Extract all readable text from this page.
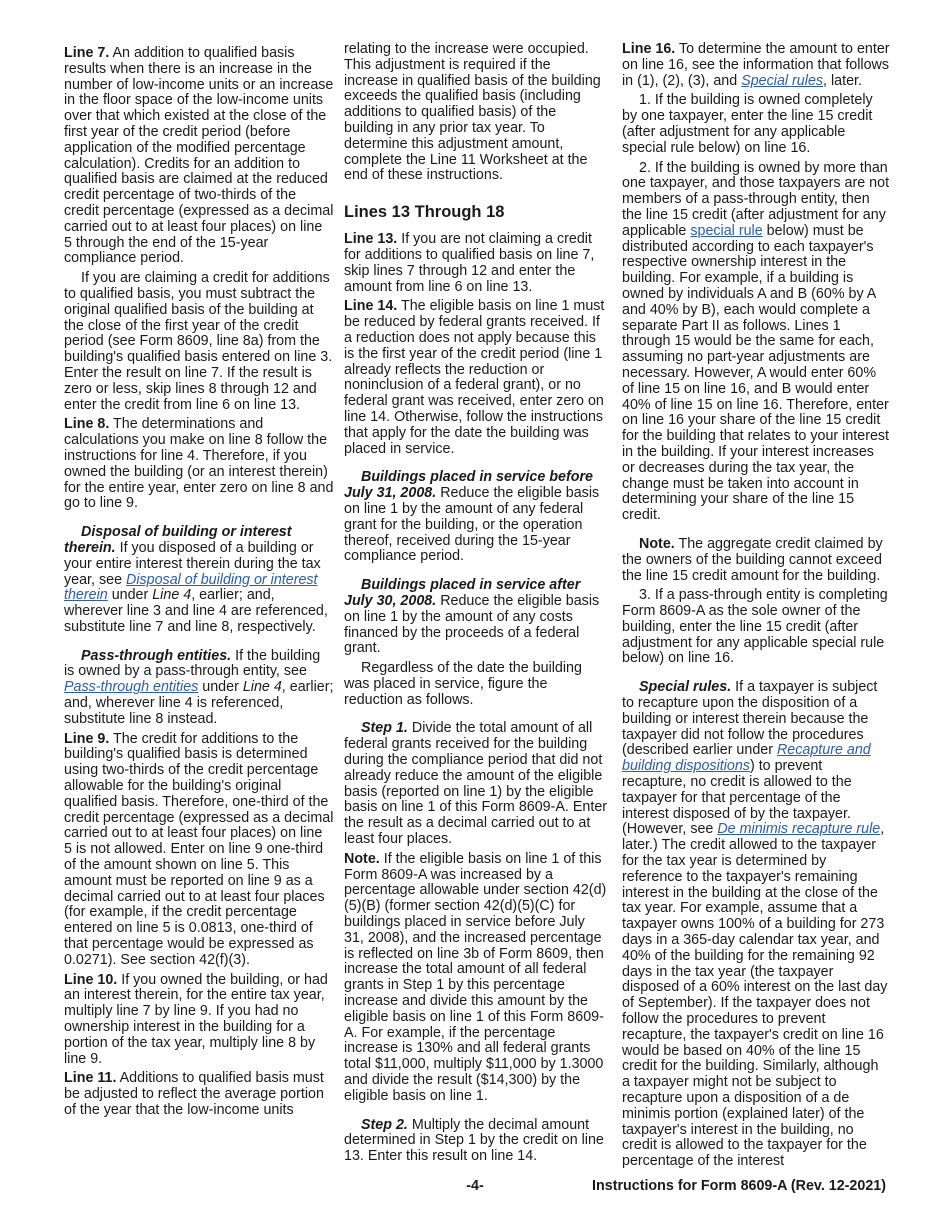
Line 7. An addition to qualified basis results when there is an increase in the number of low-income units or an increase in the floor space of the low-income units over that which existed at the close of the first year of the credit period (before application of the modified percentage calculation). Credits for an addition to qualified basis are claimed at the reduced credit percentage of two-thirds of the credit percentage (expressed as a decimal carried out to at least four places) on line 5 through the end of the 15-year compliance period.

If you are claiming a credit for additions to qualified basis, you must subtract the original qualified basis of the building at the close of the first year of the credit period (see Form 8609, line 8a) from the building's qualified basis entered on line 3. Enter the result on line 7. If the result is zero or less, skip lines 8 through 12 and enter the credit from line 6 on line 13.

Line 8. The determinations and calculations you make on line 8 follow the instructions for line 4. Therefore, if you owned the building (or an interest therein) for the entire year, enter zero on line 8 and go to line 9.

Disposal of building or interest therein. If you disposed of a building or your entire interest therein during the tax year, see Disposal of building or interest therein under Line 4, earlier; and, wherever line 3 and line 4 are referenced, substitute line 7 and line 8, respectively.

Pass-through entities. If the building is owned by a pass-through entity, see Pass-through entities under Line 4, earlier; and, wherever line 4 is referenced, substitute line 8 instead.

Line 9. The credit for additions to the building's qualified basis is determined using two-thirds of the credit percentage allowable for the building's original qualified basis. Therefore, one-third of the credit percentage (expressed as a decimal carried out to at least four places) on line 5 is not allowed. Enter on line 9 one-third of the amount shown on line 5. This amount must be reported on line 9 as a decimal carried out to at least four places (for example, if the credit percentage entered on line 5 is 0.0813, one-third of that percentage would be expressed as 0.0271). See section 42(f)(3).

Line 10. If you owned the building, or had an interest therein, for the entire tax year, multiply line 7 by line 9. If you had no ownership interest in the building for a portion of the tax year, multiply line 8 by line 9.

Line 11. Additions to qualified basis must be adjusted to reflect the average portion of the year that the low-income units

relating to the increase were occupied. This adjustment is required if the increase in qualified basis of the building exceeds the qualified basis (including additions to qualified basis) of the building in any prior tax year. To determine this adjustment amount, complete the Line 11 Worksheet at the end of these instructions.

Lines 13 Through 18

Line 13. If you are not claiming a credit for additions to qualified basis on line 7, skip lines 7 through 12 and enter the amount from line 6 on line 13.

Line 14. The eligible basis on line 1 must be reduced by federal grants received. If a reduction does not apply because this is the first year of the credit period (line 1 already reflects the reduction or noninclusion of a federal grant), or no federal grant was received, enter zero on line 14. Otherwise, follow the instructions that apply for the date the building was placed in service.

Buildings placed in service before July 31, 2008. Reduce the eligible basis on line 1 by the amount of any federal grant for the building, or the operation thereof, received during the 15-year compliance period.

Buildings placed in service after July 30, 2008. Reduce the eligible basis on line 1 by the amount of any costs financed by the proceeds of a federal grant.

Regardless of the date the building was placed in service, figure the reduction as follows.

Step 1. Divide the total amount of all federal grants received for the building during the compliance period that did not already reduce the amount of the eligible basis (reported on line 1) by the eligible basis on line 1 of this Form 8609-A. Enter the result as a decimal carried out to at least four places.

Note. If the eligible basis on line 1 of this Form 8609-A was increased by a percentage allowable under section 42(d)(5)(B) (former section 42(d)(5)(C) for buildings placed in service before July 31, 2008), and the increased percentage is reflected on line 3b of Form 8609, then increase the total amount of all federal grants in Step 1 by this percentage increase and divide this amount by the eligible basis on line 1 of this Form 8609-A. For example, if the percentage increase is 130% and all federal grants total $11,000, multiply $11,000 by 1.3000 and divide the result ($14,300) by the eligible basis on line 1.

Step 2. Multiply the decimal amount determined in Step 1 by the credit on line 13. Enter this result on line 14.

Line 16. To determine the amount to enter on line 16, see the information that follows in (1), (2), (3), and Special rules, later.

1. If the building is owned completely by one taxpayer, enter the line 15 credit (after adjustment for any applicable special rule below) on line 16.

2. If the building is owned by more than one taxpayer, and those taxpayers are not members of a pass-through entity, then the line 15 credit (after adjustment for any applicable special rule below) must be distributed according to each taxpayer's respective ownership interest in the building. For example, if a building is owned by individuals A and B (60% by A and 40% by B), each would complete a separate Part II as follows. Lines 1 through 15 would be the same for each, assuming no part-year adjustments are necessary. However, A would enter 60% of line 15 on line 16, and B would enter 40% of line 15 on line 16. Therefore, enter on line 16 your share of the line 15 credit for the building that relates to your interest in the building. If your interest increases or decreases during the tax year, the change must be taken into account in determining your share of the line 15 credit.

Note. The aggregate credit claimed by the owners of the building cannot exceed the line 15 credit amount for the building.

3. If a pass-through entity is completing Form 8609-A as the sole owner of the building, enter the line 15 credit (after adjustment for any applicable special rule below) on line 16.

Special rules. If a taxpayer is subject to recapture upon the disposition of a building or interest therein because the taxpayer did not follow the procedures (described earlier under Recapture and building dispositions) to prevent recapture, no credit is allowed to the taxpayer for that percentage of the interest disposed of by the taxpayer. (However, see De minimis recapture rule, later.) The credit allowed to the taxpayer for the tax year is determined by reference to the taxpayer's remaining interest in the building at the close of the tax year. For example, assume that a taxpayer owns 100% of a building for 273 days in a 365-day calendar tax year, and 40% of the building for the remaining 92 days in the tax year (the taxpayer disposed of a 60% interest on the last day of September). If the taxpayer does not follow the procedures to prevent recapture, the taxpayer's credit on line 16 would be based on 40% of the line 15 credit for the building. Similarly, although a taxpayer might not be subject to recapture upon a disposition of a de minimis portion (explained later) of the taxpayer's interest in the building, no credit is allowed to the taxpayer for the percentage of the interest

-4-	Instructions for Form 8609-A (Rev. 12-2021)
